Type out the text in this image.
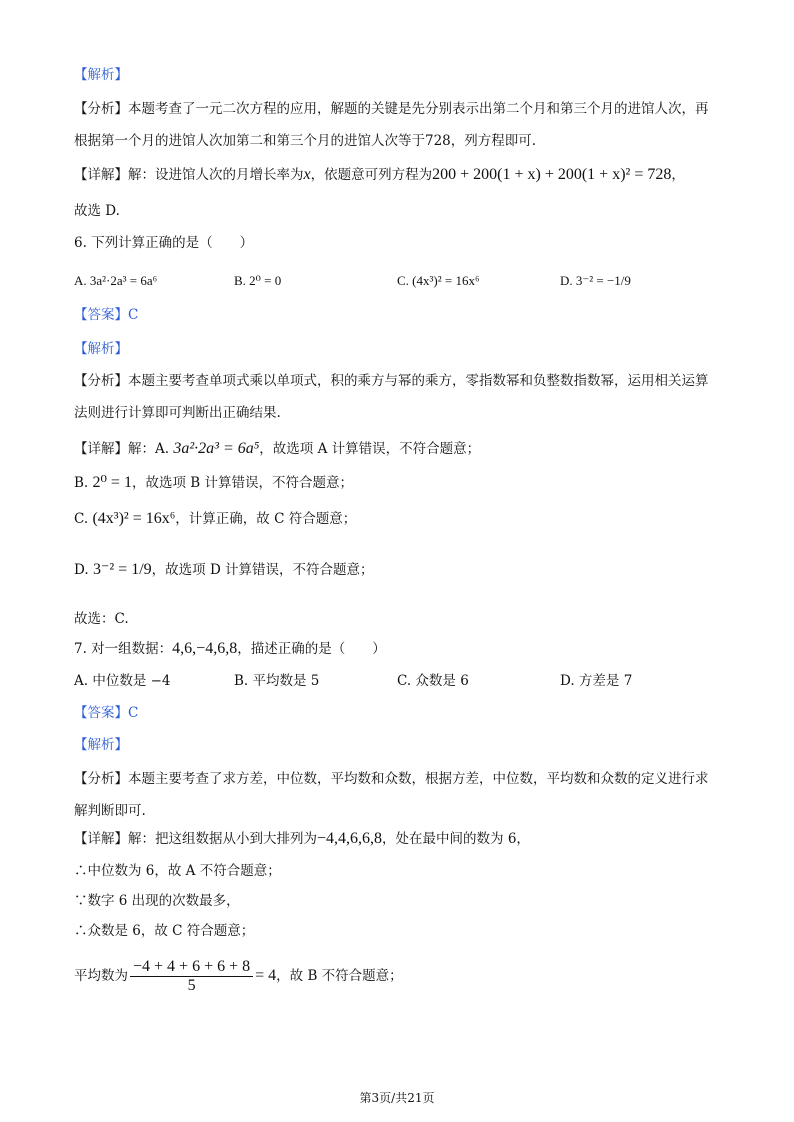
【解析】
【分析】本题考查了一元二次方程的应用，解题的关键是先分别表示出第二个月和第三个月的进馆人次，再
根据第一个月的进馆人次加第二和第三个月的进馆人次等于728，列方程即可.
【详解】解：设进馆人次的月增长率为x，依题意可列方程为200 + 200(1 + x) + 200(1 + x)² = 728，
故选 D.
6. 下列计算正确的是（　　）
A. 3a²·2a³ = 6a⁶	B. 2⁰ = 0	C. (4x³)² = 16x⁶	D. 3⁻² = −1/9
【答案】C
【解析】
【分析】本题主要考查单项式乘以单项式，积的乘方与幂的乘方，零指数幂和负整数指数幂，运用相关运算
法则进行计算即可判断出正确结果.
【详解】解：A. 3a²·2a³ = 6a⁵，故选项 A 计算错误，不符合题意；
B. 2⁰ = 1，故选项 B 计算错误，不符合题意；
C. (4x³)² = 16x⁶，计算正确，故 C 符合题意；
D. 3⁻² = 1/9，故选项 D 计算错误，不符合题意；
故选：C.
7. 对一组数据：4,6,−4,6,8，描述正确的是（　　）
A. 中位数是 −4	B. 平均数是 5	C. 众数是 6	D. 方差是 7
【答案】C
【解析】
【分析】本题主要考查了求方差，中位数，平均数和众数，根据方差，中位数，平均数和众数的定义进行求
解判断即可.
【详解】解：把这组数据从小到大排列为−4,4,6,6,8，处在最中间的数为 6，
∴中位数为 6，故 A 不符合题意；
∵数字 6 出现的次数最多，
∴众数是 6，故 C 符合题意；
平均数为 $\frac{-4 + 4 + 6 + 6 + 8}{5} = 4$，故 B 不符合题意；
第3页/共21页
